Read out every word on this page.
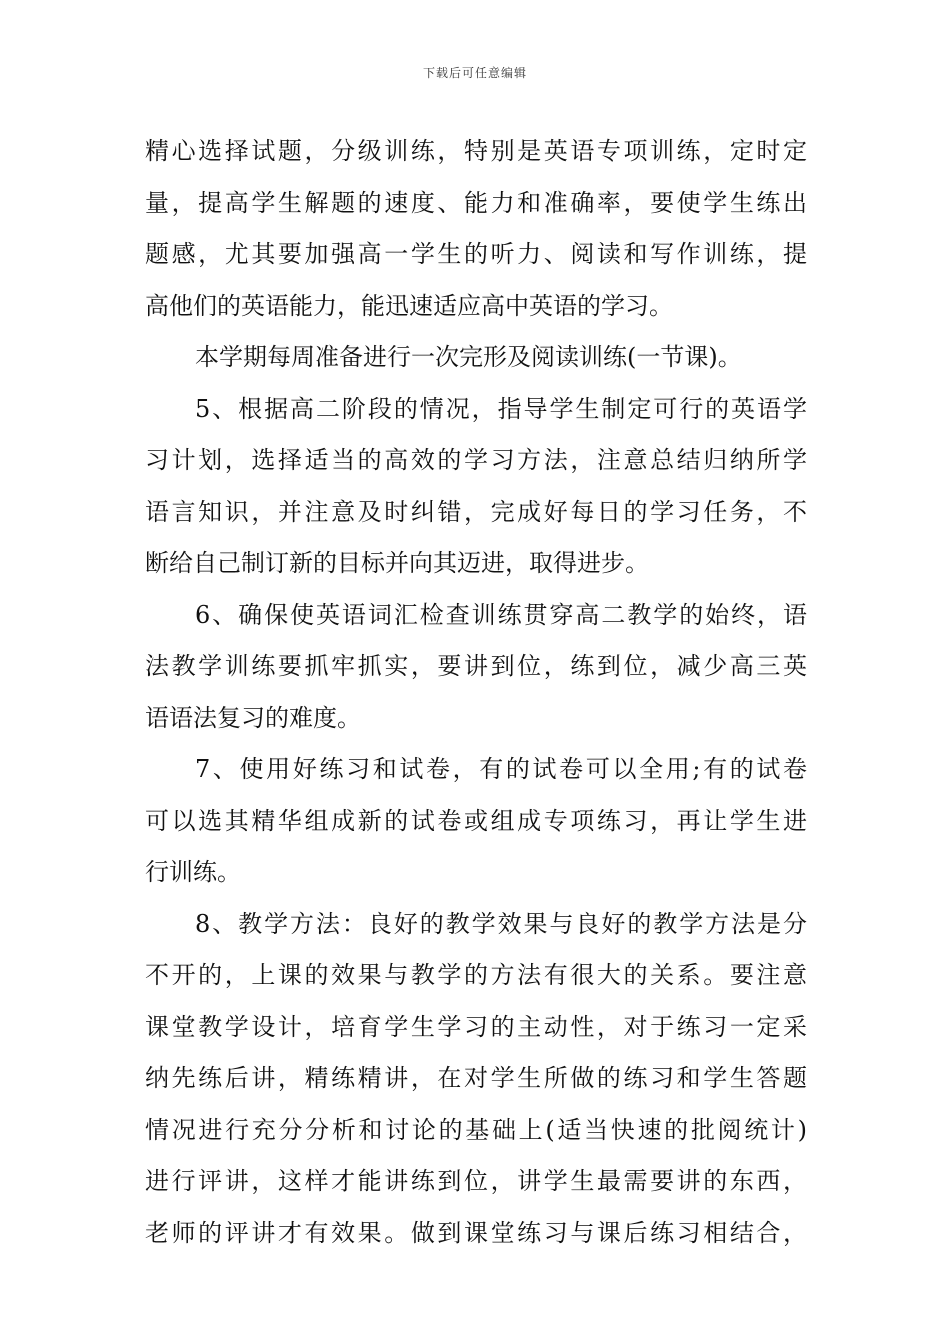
下载后可任意编辑
精心选择试题，分级训练，特别是英语专项训练，定时定
量，提高学生解题的速度、能力和准确率，要使学生练出
题感，尤其要加强高一学生的听力、阅读和写作训练，提
高他们的英语能力，能迅速适应高中英语的学习。
本学期每周准备进行一次完形及阅读训练(一节课)。
5、根据高二阶段的情况，指导学生制定可行的英语学
习计划，选择适当的高效的学习方法，注意总结归纳所学
语言知识，并注意及时纠错，完成好每日的学习任务，不
断给自己制订新的目标并向其迈进，取得进步。
6、确保使英语词汇检查训练贯穿高二教学的始终，语
法教学训练要抓牢抓实，要讲到位，练到位，减少高三英
语语法复习的难度。
7、使用好练习和试卷，有的试卷可以全用;有的试卷
可以选其精华组成新的试卷或组成专项练习，再让学生进
行训练。
8、教学方法：良好的教学效果与良好的教学方法是分
不开的，上课的效果与教学的方法有很大的关系。要注意
课堂教学设计，培育学生学习的主动性，对于练习一定采
纳先练后讲，精练精讲，在对学生所做的练习和学生答题
情况进行充分分析和讨论的基础上(适当快速的批阅统计)
进行评讲，这样才能讲练到位，讲学生最需要讲的东西，
老师的评讲才有效果。做到课堂练习与课后练习相结合，
